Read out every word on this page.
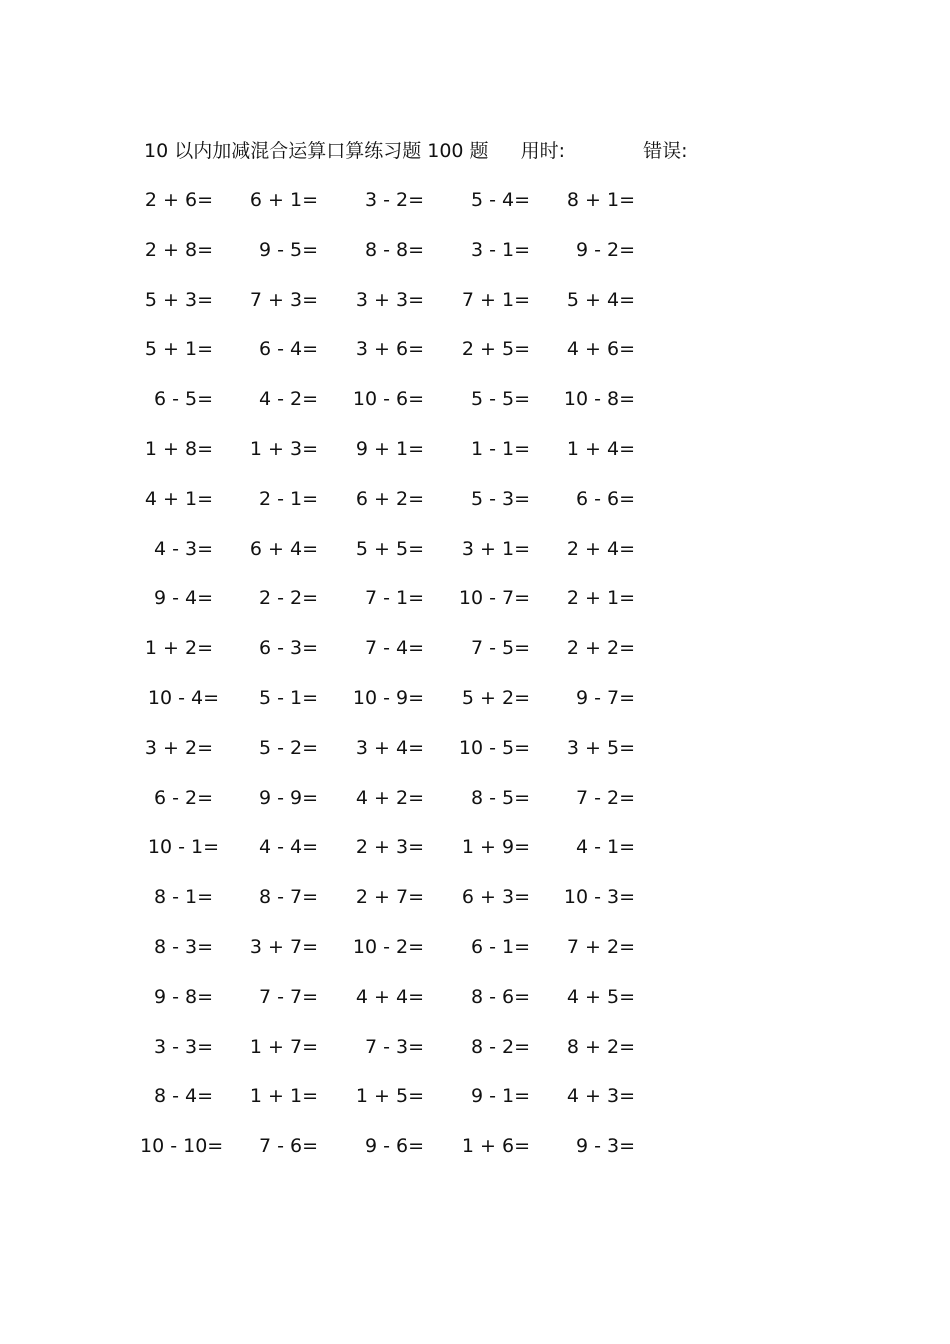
10 以内加减混合运算口算练习题 100 题 用时:	错误:
2 + 6= 6 + 1= 3 - 2= 5 - 4= 8 + 1=
2 + 8= 9 - 5= 8 - 8= 3 - 1= 9 - 2=
5 + 3= 7 + 3= 3 + 3= 7 + 1= 5 + 4=
5 + 1= 6 - 4= 3 + 6= 2 + 5= 4 + 6=
6 - 5= 4 - 2= 10 - 6= 5 - 5= 10 - 8=
1 + 8= 1 + 3= 9 + 1= 1 - 1= 1 + 4=
4 + 1= 2 - 1= 6 + 2= 5 - 3= 6 - 6=
4 - 3= 6 + 4= 5 + 5= 3 + 1= 2 + 4=
9 - 4= 2 - 2= 7 - 1= 10 - 7= 2 + 1=
1 + 2= 6 - 3= 7 - 4= 7 - 5= 2 + 2=
10 - 4= 5 - 1= 10 - 9= 5 + 2= 9 - 7=
3 + 2= 5 - 2= 3 + 4= 10 - 5= 3 + 5=
6 - 2= 9 - 9= 4 + 2= 8 - 5= 7 - 2=
10 - 1= 4 - 4= 2 + 3= 1 + 9= 4 - 1=
8 - 1= 8 - 7= 2 + 7= 6 + 3= 10 - 3=
8 - 3= 3 + 7= 10 - 2= 6 - 1= 7 + 2=
9 - 8= 7 - 7= 4 + 4= 8 - 6= 4 + 5=
3 - 3= 1 + 7= 7 - 3= 8 - 2= 8 + 2=
8 - 4= 1 + 1= 1 + 5= 9 - 1= 4 + 3=
10 - 10= 7 - 6= 9 - 6= 1 + 6= 9 - 3=
